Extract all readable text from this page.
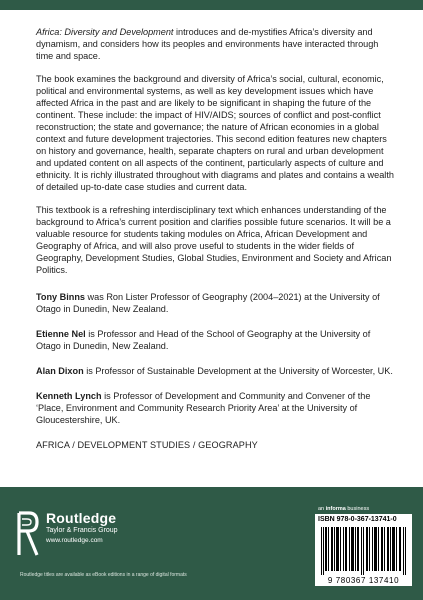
Africa: Diversity and Development introduces and de-mystifies Africa’s diversity and dynamism, and considers how its peoples and environments have interacted through time and space.

The book examines the background and diversity of Africa’s social, cultural, economic, political and environmental systems, as well as key development issues which have affected Africa in the past and are likely to be significant in shaping the future of the continent. These include: the impact of HIV/AIDS; sources of conflict and post-conflict reconstruction; the state and governance; the nature of African economies in a global context and future development trajectories. This second edition features new chapters on history and governance, health, separate chapters on rural and urban development and updated content on all aspects of the continent, particularly aspects of culture and ethnicity. It is richly illustrated throughout with diagrams and plates and contains a wealth of detailed up-to-date case studies and current data.

This textbook is a refreshing interdisciplinary text which enhances understanding of the background to Africa’s current position and clarifies possible future scenarios. It will be a valuable resource for students taking modules on Africa, African Development and Geography of Africa, and will also prove useful to students in the wider fields of Geography, Development Studies, Global Studies, Environment and Society and African Politics.

Tony Binns was Ron Lister Professor of Geography (2004–2021) at the University of Otago in Dunedin, New Zealand.

Etienne Nel is Professor and Head of the School of Geography at the University of Otago in Dunedin, New Zealand.

Alan Dixon is Professor of Sustainable Development at the University of Worcester, UK.

Kenneth Lynch is Professor of Development and Community and Convener of the ‘Place, Environment and Community Research Priority Area’ at the University of Gloucestershire, UK.

AFRICA / DEVELOPMENT STUDIES / GEOGRAPHY

Routledge
Taylor & Francis Group
www.routledge.com
Routledge titles are available as eBook editions in a range of digital formats
an informa business
ISBN 978-0-367-13741-0
9 780367 137410
